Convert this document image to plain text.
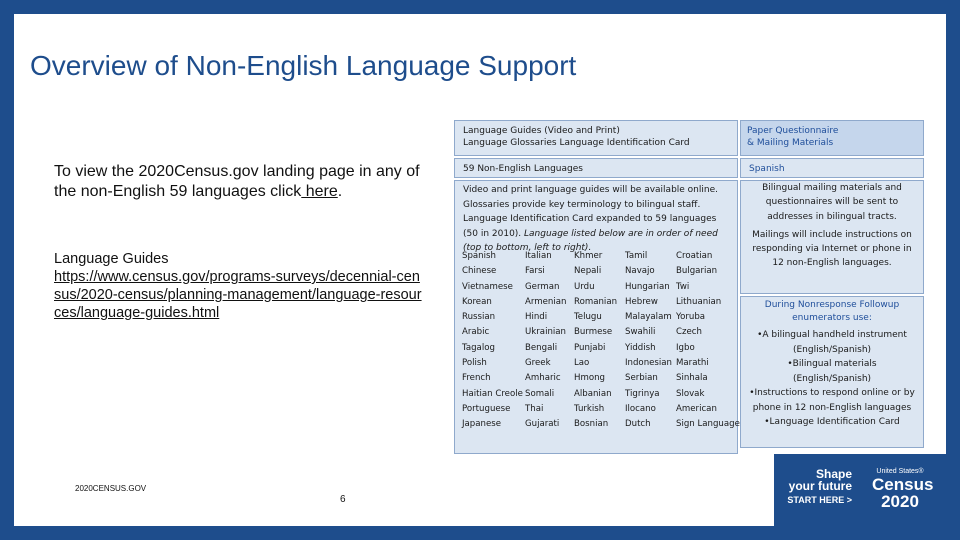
Overview of Non-English Language Support
To view the 2020Census.gov landing page in any of the non-English 59 languages click here.
Language Guides
https://www.census.gov/programs-surveys/decennial-census/2020-census/planning-management/language-resources/language-guides.html
2020CENSUS.GOV
6
Language Guides (Video and Print)
Language Glossaries Language Identification Card
Paper Questionnaire
& Mailing Materials
59 Non-English Languages	Spanish
Video and print language guides will be available online. Glossaries provide key terminology to bilingual staff. Language Identification Card expanded to 59 languages (50 in 2010). Language listed below are in order of need (top to bottom, left to right).
Spanish
Chinese
Vietnamese
Korean
Russian
Arabic
Tagalog
Polish
French
Haitian Creole
Portuguese
Japanese
Italian
Farsi
German
Armenian
Hindi
Ukrainian
Bengali
Greek
Amharic
Somali
Thai
Gujarati
Khmer
Nepali
Urdu
Romanian
Telugu
Burmese
Punjabi
Lao
Hmong
Albanian
Turkish
Bosnian
Tamil
Navajo
Hungarian
Hebrew
Malayalam
Swahili
Yiddish
Indonesian
Serbian
Tigrinya
Ilocano
Dutch
Croatian
Bulgarian
Twi
Lithuanian
Yoruba
Czech
Igbo
Marathi
Sinhala
Slovak
American
Sign Language
Bilingual mailing materials and questionnaires will be sent to addresses in bilingual tracts.
Mailings will include instructions on responding via Internet or phone in 12 non-English languages.
During Nonresponse Followup enumerators use:
•A bilingual handheld instrument (English/Spanish)
•Bilingual materials (English/Spanish)
•Instructions to respond online or by phone in 12 non-English languages
•Language Identification Card
Shape
your future
START HERE >
United States®
Census
2020
